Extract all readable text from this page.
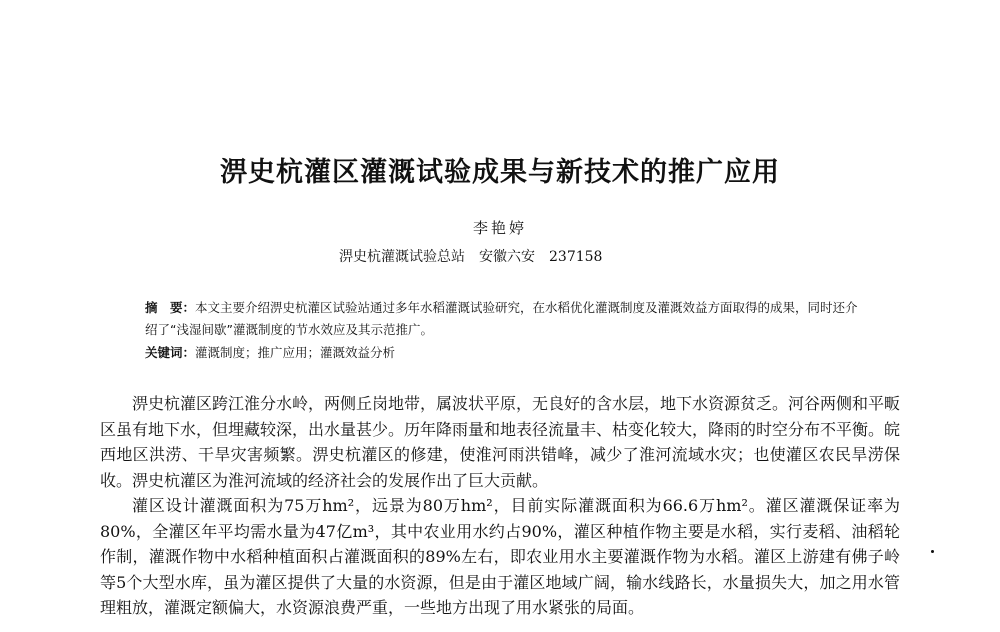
淠史杭灌区灌溉试验成果与新技术的推广应用
李艳婷
淠史杭灌溉试验总站　安徽六安　237158
摘　要：本文主要介绍淠史杭灌区试验站通过多年水稻灌溉试验研究，在水稻优化灌溉制度及灌溉效益方面取得的成果，同时还介绍了“浅湿间歇”灌溉制度的节水效应及其示范推广。
关键词：灌溉制度；推广应用；灌溉效益分析

淠史杭灌区跨江淮分水岭，两侧丘岗地带，属波状平原，无良好的含水层，地下水资源贫乏。河谷两侧和平畈区虽有地下水，但埋藏较深，出水量甚少。历年降雨量和地表径流量丰、枯变化较大，降雨的时空分布不平衡。皖西地区洪涝、干旱灾害频繁。淠史杭灌区的修建，使淮河雨洪错峰，减少了淮河流域水灾；也使灌区农民旱涝保收。淠史杭灌区为淮河流域的经济社会的发展作出了巨大贡献。

灌区设计灌溉面积为75万hm²，远景为80万hm²，目前实际灌溉面积为66.6万hm²。灌区灌溉保证率为80%，全灌区年平均需水量为47亿m³，其中农业用水约占90%，灌区种植作物主要是水稻，实行麦稻、油稻轮作制，灌溉作物中水稻种植面积占灌溉面积的89%左右，即农业用水主要灌溉作物为水稻。灌区上游建有佛子岭等5个大型水库，虽为灌区提供了大量的水资源，但是由于灌区地域广阔，输水线路长，水量损失大，加之用水管理粗放，灌溉定额偏大，水资源浪费严重，一些地方出现了用水紧张的局面。
